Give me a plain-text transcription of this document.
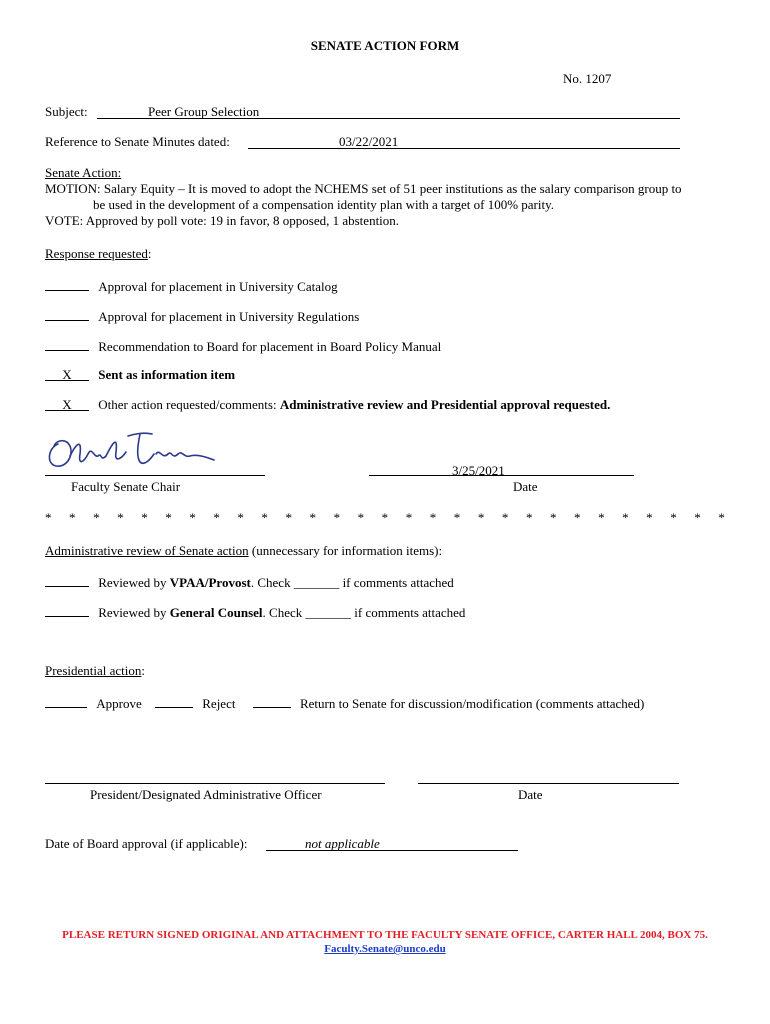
SENATE ACTION FORM
No. 1207
Subject:	Peer Group Selection
Reference to Senate Minutes dated:	03/22/2021
Senate Action:
MOTION: Salary Equity – It is moved to adopt the NCHEMS set of 51 peer institutions as the salary comparison group to
be used in the development of a compensation identity plan with a target of 100% parity.
VOTE: Approved by poll vote: 19 in favor, 8 opposed, 1 abstention.
Response requested:
Approval for placement in University Catalog
Approval for placement in University Regulations
Recommendation to Board for placement in Board Policy Manual
X Sent as information item
X Other action requested/comments: Administrative review and Presidential approval requested.
3/25/2021
Faculty Senate Chair	Date
* * * * * * * * * * * * * * * * * * * * * * * * * * * * *
Administrative review of Senate action (unnecessary for information items):
Reviewed by VPAA/Provost. Check _______ if comments attached
Reviewed by General Counsel. Check _______ if comments attached
Presidential action:
Approve	Reject	Return to Senate for discussion/modification (comments attached)
President/Designated Administrative Officer	Date
Date of Board approval (if applicable):	not applicable
PLEASE RETURN SIGNED ORIGINAL AND ATTACHMENT TO THE FACULTY SENATE OFFICE, CARTER HALL 2004, BOX 75.
Faculty.Senate@unco.edu
